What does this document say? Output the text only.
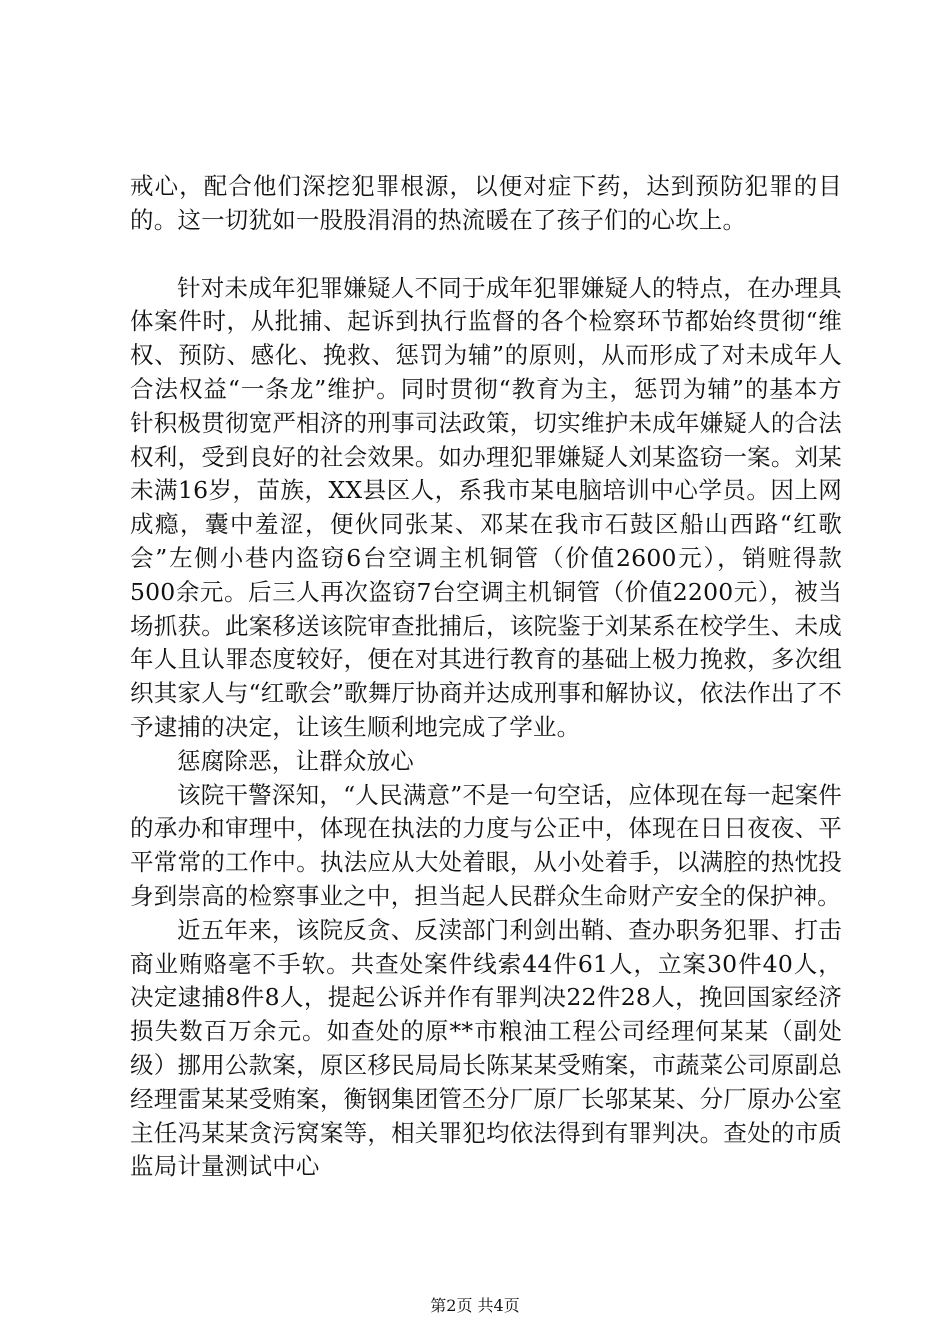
戒心，配合他们深挖犯罪根源，以便对症下药，达到预防犯罪的目的。这一切犹如一股股涓涓的热流暖在了孩子们的心坎上。

针对未成年犯罪嫌疑人不同于成年犯罪嫌疑人的特点，在办理具体案件时，从批捕、起诉到执行监督的各个检察环节都始终贯彻“维权、预防、感化、挽救、惩罚为辅”的原则，从而形成了对未成年人合法权益“一条龙”维护。同时贯彻“教育为主，惩罚为辅”的基本方针积极贯彻宽严相济的刑事司法政策，切实维护未成年嫌疑人的合法权利，受到良好的社会效果。如办理犯罪嫌疑人刘某盗窃一案。刘某未满16岁，苗族，XX县区人，系我市某电脑培训中心学员。因上网成瘾，囊中羞涩，便伙同张某、邓某在我市石鼓区船山西路“红歌会”左侧小巷内盗窃6台空调主机铜管（价值2600元），销赃得款500余元。后三人再次盗窃7台空调主机铜管（价值2200元），被当场抓获。此案移送该院审查批捕后，该院鉴于刘某系在校学生、未成年人且认罪态度较好，便在对其进行教育的基础上极力挽救，多次组织其家人与“红歌会”歌舞厅协商并达成刑事和解协议，依法作出了不予逮捕的决定，让该生顺利地完成了学业。

惩腐除恶，让群众放心

该院干警深知，“人民满意”不是一句空话，应体现在每一起案件的承办和审理中，体现在执法的力度与公正中，体现在日日夜夜、平平常常的工作中。执法应从大处着眼，从小处着手，以满腔的热忱投身到崇高的检察事业之中，担当起人民群众生命财产安全的保护神。

近五年来，该院反贪、反渎部门利剑出鞘、查办职务犯罪、打击商业贿赂毫不手软。共查处案件线索44件61人，立案30件40人，决定逮捕8件8人，提起公诉并作有罪判决22件28人，挽回国家经济损失数百万余元。如查处的原**市粮油工程公司经理何某某（副处级）挪用公款案，原区移民局局长陈某某受贿案，市蔬菜公司原副总经理雷某某受贿案，衡钢集团管丕分厂原厂长邬某某、分厂原办公室主任冯某某贪污窝案等，相关罪犯均依法得到有罪判决。查处的市质监局计量测试中心

第2页 共4页
